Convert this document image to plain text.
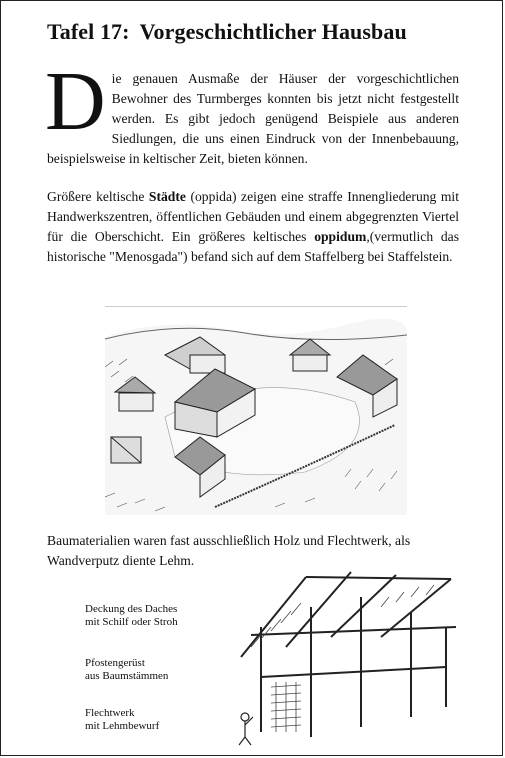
Tafel 17: Vorgeschichtlicher Hausbau
Die genauen Ausmaße der Häuser der vorgeschichtlichen Bewohner des Turmberges konnten bis jetzt nicht festgestellt werden. Es gibt jedoch genügend Beispiele aus anderen Siedlungen, die uns einen Eindruck von der Innenbebauung, beispielsweise in keltischer Zeit, bieten können.
Größere keltische Städte (oppida) zeigen eine straffe Innengliederung mit Handwerkszentren, öffentlichen Gebäuden und einem abgegrenzten Viertel für die Oberschicht. Ein größeres keltisches oppidum,(vermutlich das historische "Menosgada") befand sich auf dem Staffelberg bei Staffelstein.
Baumaterialien waren fast ausschließlich Holz und Flechtwerk, als Wandverputz diente Lehm.
Deckung des Daches
mit Schilf oder Stroh
Pfostengerüst
aus Baumstämmen
Flechtwerk
mit Lehmbewurf
